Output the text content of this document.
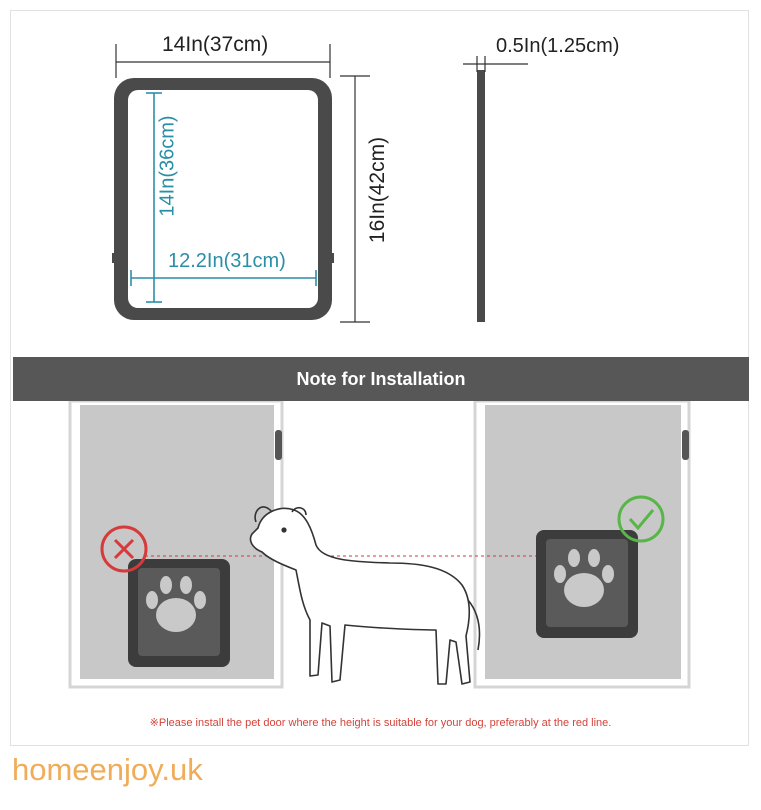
14In(37cm)	0.5In(1.25cm)
14In(36cm)
12.2In(31cm)
16In(42cm)
Note for Installation
※Please install the pet door where the height is suitable for your dog, preferably at the red line.
homeenjoy.uk
